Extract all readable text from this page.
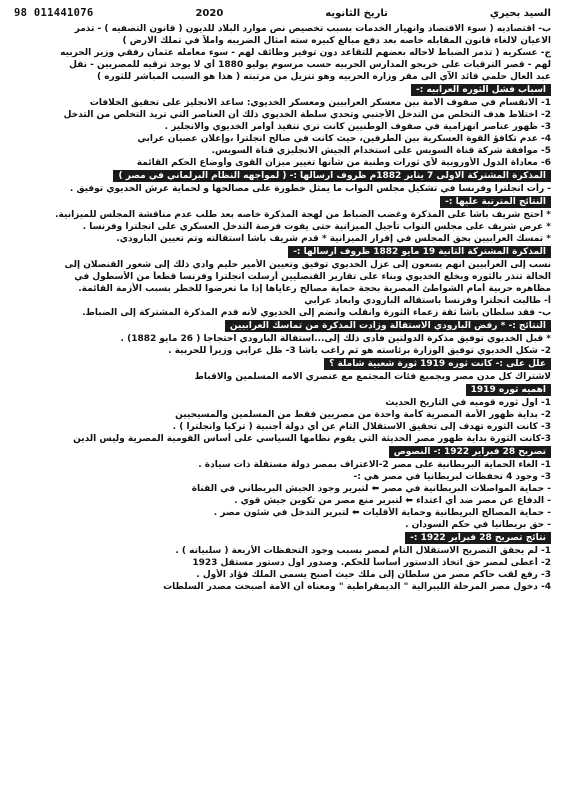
السيد بحيري
تاريخ الثانويه
2020
011441076 98
ب- اقتصاديه ( سوء الاقتصاد وانهيار الخدمات بسبب تخصيص نص موارد البلاد للديون ( قانون التصفيه ) - تذمر
الاعيان لالغاء قانون المقابله خاصه بعد دفع مبالغ كبيره سته امثال الضريبه واملاً في تملك الارض )
ج- عسكريه ( تذمر الضباط لاحاله بعضهم للتقاعد دون توفير وظائف لهم - سوء معامله عثمان رفقي وزير الحربيه
لهم - قصر الترقيات على خريجو المدارس الحربيه حسب مرسوم يوليو 1880 أي لا يوجد ترقيه للمصريين - نقل
عبد العال حلمي قائد الآي الى مقر وزاره الحربيه وهو تنزيل من مرتبته ( هذا هو السبب المباشر للثوره )
اسباب فشل الثوره العرابيه :-
1- الانقسام في صفوف الامة بين معسكر العرابيين ومعسكر الخديوي: ساعد الانجليز على تحقيق الخلافات
2- اختلاط هدف التخلص من التدخل الأجنبي وتحدي سلطة الخديوي ذلك أن العناصر التي تريد التخلص من التدخل
3- ظهور عناصر انهزامية في صفوف الوطنيين كانت تري تنفيذ أوامر الخديوي والانجليز .
4- عدم تكافؤ القوة العسكرية بين الطرفين، حيث كانت في صالح انجلترا ،وإعلان عصيان عرابي
5- موافقة شركة قناة السويس على استخدام الجيش الانجليزي قناة السويس.
6- معاداة الدول الأوروبية لأي ثورات وطنية من شأنها تغيير ميزان القوى وأوضاع الحكم القائمة
المذكرة المشتركة الاولى 7 يناير 1882م ظروف ارسالها :- ( لمواجهه النظام البرلماني في مصر )
- رأت انجلترا وفرنسا في تشكيل مجلس النواب ما يمثل خطورة على مصالحها و لحماية عرش الخديوي توفيق .
النتائج المترتبة عليها :-
* احتج شريف باشا على المذكرة وغضب الضباط من لهجة المذكرة خاصه بعد طلب عدم مناقشة المجلس للميزانية.
* عرض شريف على مجلس النواب تأجيل الميزانية حتى يفوت فرصة التدخل العسكري على انجلترا وفرنسا .
* تمسك العرابيين بحق المجلس في إقرار الميزانية * قدم شريف باشا استقالته وتم تعيين البارودي.
المذكرة المشتركة الثانية 19 مايو 1882 ظروف ارسالها :-
نسب إلى العرابيين انهم يسعون إلى عزل الخديوي توفيق وتعيين الأمير حليم وادي ذلك إلى شعور القنصلان إلى
الحالة تنذر بالثوره وبخلع الخديوي وبناء على تقارير القنصليين أرسلت انجلترا وفرنسا قطعاً من الأسطول في
مظاهره حربية أمام الشواطئ المصرية بحجة حماية مصالح رعاياها إذا ما تعرضوا للخطر بسبب الأزمة القائمة.
أ- طالبت انجلترا وفرنسا باستقاله البارودي وابعاد عرابي
ب- فقد سلطان باشا ثقة زعماء الثورة وانقلب وانضم إلى الخديوي لأنه قدم المذكرة المشتركة إلى الضباط.
النتائج :- * رفض البارودي الاستقالة وزادت المذكرة من تماسك العرابيين
* قبل الخديوي توفيق مذكرة الدولتين فأدى ذلك إلى...استقالة البارودي احتجاجا ( 26 مايو 1882) .
2- شكل الخديوي توفيق الوزارة برئاسته هو ثم راغب باشا 3- ظل عرابي وزيراً للحربية .
علل على :- كانت ثوره 1919 ثورة شعبية شاملة ؟
لاشتراك كل مدن مصر وبجميع فئات المجتمع مع عنصري الامه المسلمين والاقباط
اهميه ثوره 1919
1- اول ثوره قوميه في التاريخ الحديث
2- بداية ظهور الأمة المصرية كأمة واحدة من مصريين فقط من المسلمين والمسيحيين
3- كانت الثوره تهدف إلى تحقيق الاستقلال التام عن أي دولة أجنبية ( تركيا وانجلترا ) .
3-كانت الثورة بداية ظهور مصر الحديثة التي يقوم نظامها السياسي على أساس القومية المصرية وليس الدين
تصريح 28 فبراير 1922 :- النصوص
1- الغاء الحماية البريطانية على مصر 2-الاعتراف بمصر دولة مستقلة ذات سيادة .
3- وجود 4 تحفظات لبريطانيا في مصر هي :-
- حماية المواصلات البريطانية في مصر ⬅ لتبرير وجود الجيش البريطاني في القناة
- الدفاع عن مصر ضد أي اعتداء ⬅ لتبرير منع مصر من تكوين جيش قوي .
- حماية المصالح البريطانية وحماية الأقليات ⬅ لتبرير التدخل في شئون مصر .
- حق بريطانيا في حكم السودان .
نتائج تصريح 28 فبراير 1922 :-
1- لم يحقق التصريح الاستقلال التام لمصر بسبب وجود التحفظات الأربعة ( سلبياته ) .
2- أعطى لمصر حق اتخاذ الدستور أساساً للحكم. وصدور اول دستور مستقل 1923
3- رفع لقب حاكم مصر من سلطان إلى ملك حيث أصبح يسمى الملك فؤاد الأول .
4- دخول مصر المرحلة الليبرالية " الديمقراطية " ومعناه أن الأمة أصبحت مصدر السلطات
